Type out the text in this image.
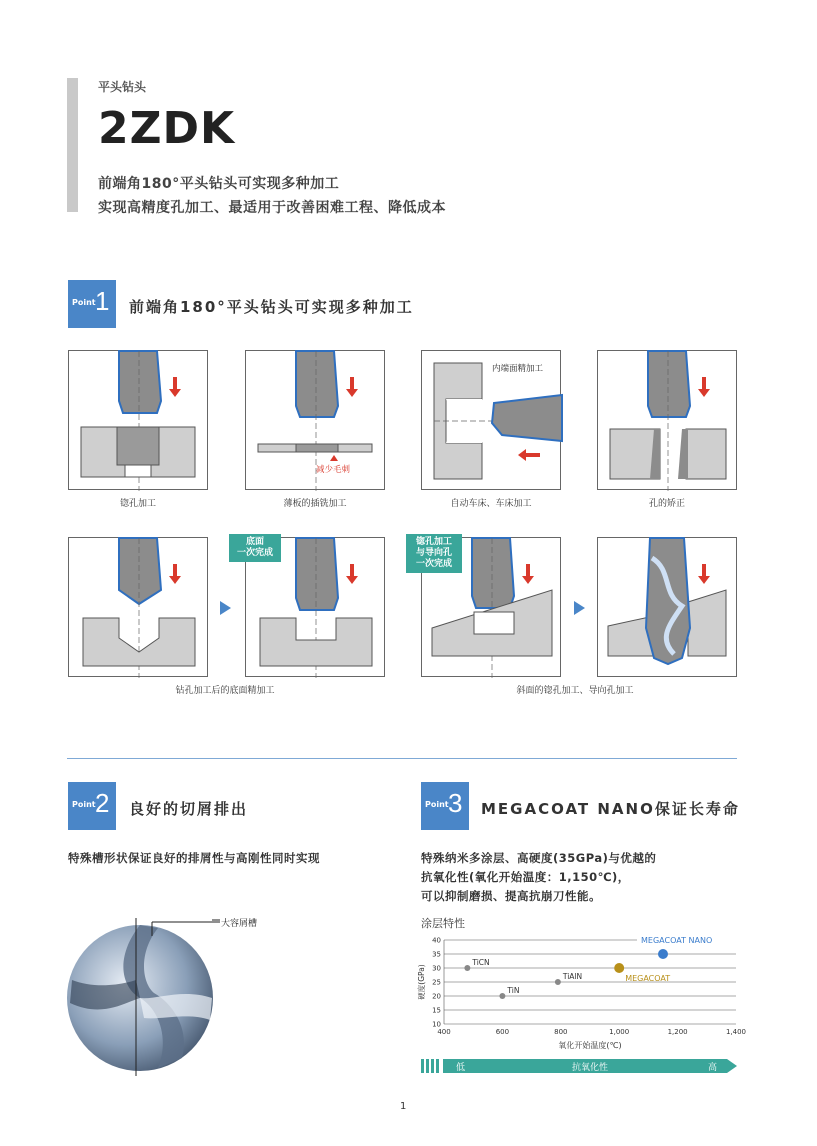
平头钻头
2ZDK
前端角180°平头钻头可实现多种加工
实现高精度孔加工、最适用于改善困难工程、降低成本
Point 1 前端角180°平头钻头可实现多种加工
锪孔加工
减少毛刺
薄板的插铣加工
内端面精加工
自动车床、车床加工	孔的矫正
底面
一次完成
钻孔加工后的底面精加工
锪孔加工
与导向孔
一次完成
斜面的锪孔加工、导向孔加工
Point 2 良好的切屑排出
特殊槽形状保证良好的排屑性与高刚性同时实现
大容屑槽
Point 3 MEGACOAT NANO保证长寿命
特殊纳米多涂层、高硬度(35GPa)与优越的
抗氧化性(氧化开始温度：1,150℃)，
可以抑制磨损、提高抗崩刀性能。
涂层特性
10
15
20
25
30
35
40
400	600	800	1,000	1,200	1,400
氧化开始温度(℃)
硬度(GPa)
TiCN
TiN
TiAlN	MEGACOAT
MEGACOAT NANO
低	抗氧化性	高
1
